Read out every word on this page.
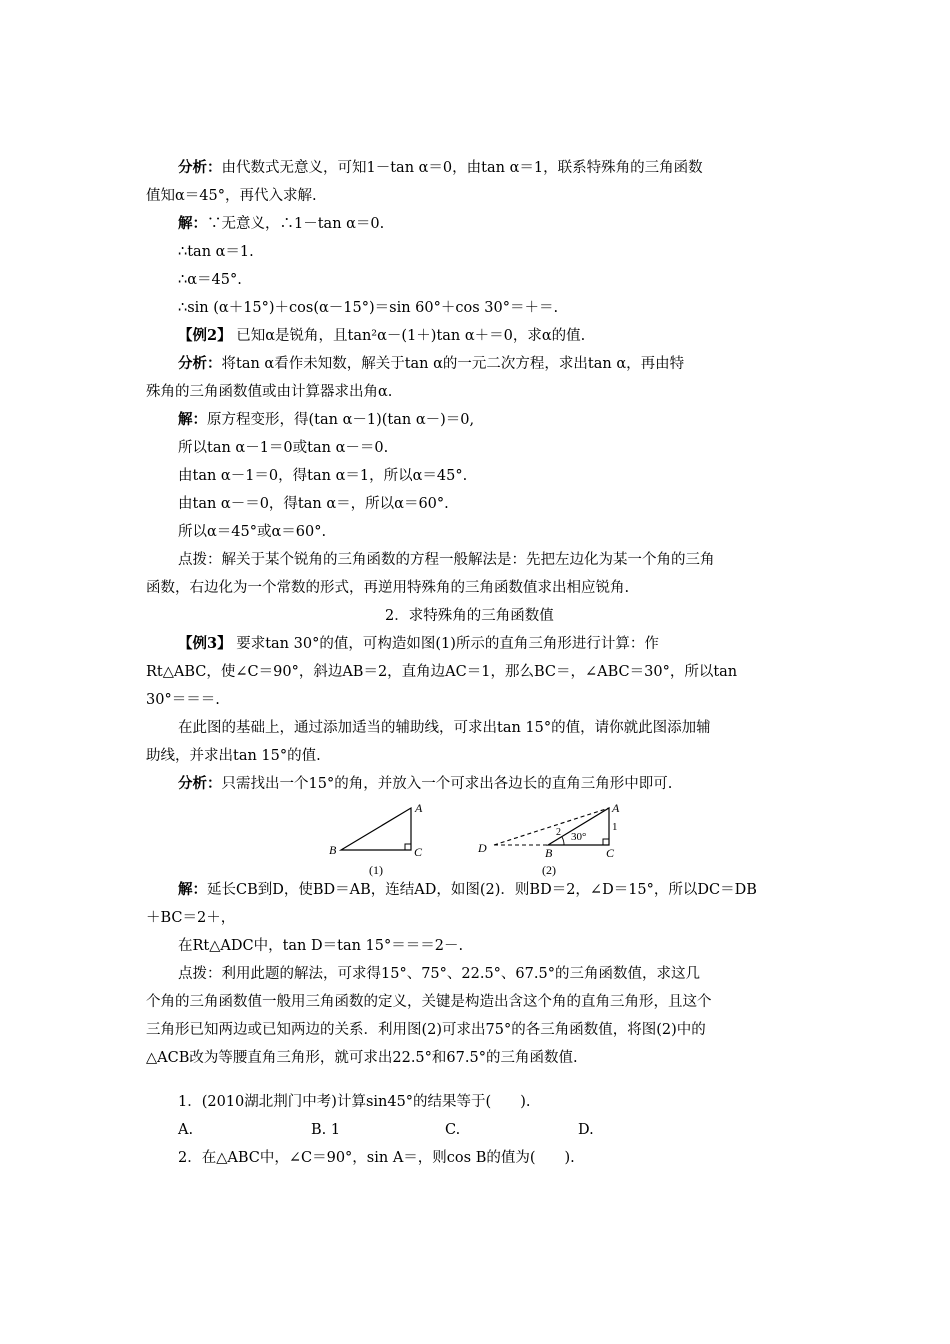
分析：由代数式无意义，可知1－tan α＝0，由tan α＝1，联系特殊角的三角函数
值知α＝45°，再代入求解.
解：∵无意义，∴1－tan α＝0.
∴tan α＝1.
∴α＝45°.
∴sin (α＋15°)＋cos(α－15°)＝sin 60°＋cos 30°＝＋＝.
【例2】 已知α是锐角，且tan²α－(1＋)tan α＋＝0，求α的值.
分析：将tan α看作未知数，解关于tan α的一元二次方程，求出tan α，再由特
殊角的三角函数值或由计算器求出角α.
解：原方程变形，得(tan α－1)(tan α－)＝0,
所以tan α－1＝0或tan α－＝0.
由tan α－1＝0，得tan α＝1，所以α＝45°.
由tan α－＝0，得tan α＝，所以α＝60°.
所以α＝45°或α＝60°.
点拨：解关于某个锐角的三角函数的方程一般解法是：先把左边化为某一个角的三角
函数，右边化为一个常数的形式，再逆用特殊角的三角函数值求出相应锐角.
2．求特殊角的三角函数值
【例3】 要求tan 30°的值，可构造如图(1)所示的直角三角形进行计算：作
Rt△ABC，使∠C＝90°，斜边AB＝2，直角边AC＝1，那么BC＝，∠ABC＝30°，所以tan
30°＝＝＝.
在此图的基础上，通过添加适当的辅助线，可求出tan 15°的值，请你就此图添加辅
助线，并求出tan 15°的值.
分析：只需找出一个15°的角，并放入一个可求出各边长的直角三角形中即可.
A
B	C
(1)
A
B	C
D
30°
2	1
(2)
解：延长CB到D，使BD＝AB，连结AD，如图(2)．则BD＝2，∠D＝15°，所以DC＝DB
＋BC＝2＋，
在Rt△ADC中，tan D＝tan 15°＝＝＝2－.
点拨：利用此题的解法，可求得15°、75°、22.5°、67.5°的三角函数值，求这几
个角的三角函数值一般用三角函数的定义，关键是构造出含这个角的直角三角形，且这个
三角形已知两边或已知两边的关系．利用图(2)可求出75°的各三角函数值，将图(2)中的
△ACB改为等腰直角三角形，就可求出22.5°和67.5°的三角函数值.
1．(2010湖北荆门中考)计算sin45°的结果等于(　　).
A.	B. 1	C.	D.
2．在△ABC中，∠C＝90°，sin A＝，则cos B的值为(　　).
